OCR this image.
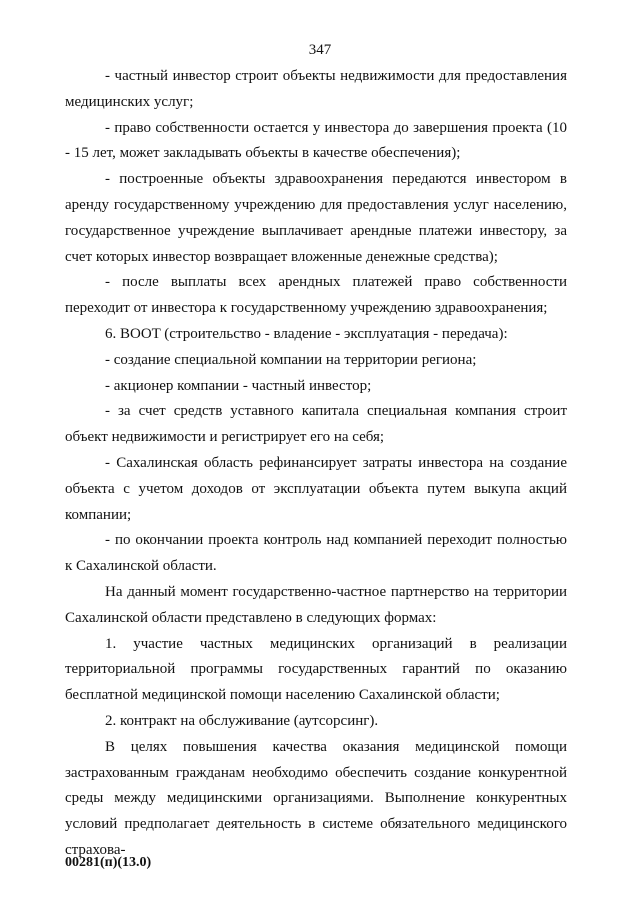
347

- частный инвестор строит объекты недвижимости для предоставления медицинских услуг;

- право собственности остается у инвестора до завершения проекта (10 - 15 лет, может закладывать объекты в качестве обеспечения);

- построенные объекты здравоохранения передаются инвестором в аренду государственному учреждению для предоставления услуг населению, государственное учреждение выплачивает арендные платежи инвестору, за счет которых инвестор возвращает вложенные денежные средства);

- после выплаты всех арендных платежей право собственности переходит от инвестора к государственному учреждению здравоохранения;

6. BOOT (строительство - владение - эксплуатация - передача):

- создание специальной компании на территории региона;

- акционер компании - частный инвестор;

- за счет средств уставного капитала специальная компания строит объект недвижимости и регистрирует его на себя;

- Сахалинская область рефинансирует затраты инвестора на создание объекта с учетом доходов от эксплуатации объекта путем выкупа акций компании;

- по окончании проекта контроль над компанией переходит полностью к Сахалинской области.

На данный момент государственно-частное партнерство на территории Сахалинской области представлено в следующих формах:

1. участие частных медицинских организаций в реализации территориальной программы государственных гарантий по оказанию бесплатной медицинской помощи населению Сахалинской области;

2. контракт на обслуживание (аутсорсинг).

В целях повышения качества оказания медицинской помощи застрахованным гражданам необходимо обеспечить создание конкурентной среды между медицинскими организациями. Выполнение конкурентных условий предполагает деятельность в системе обязательного медицинского страхова-

00281(п)(13.0)
